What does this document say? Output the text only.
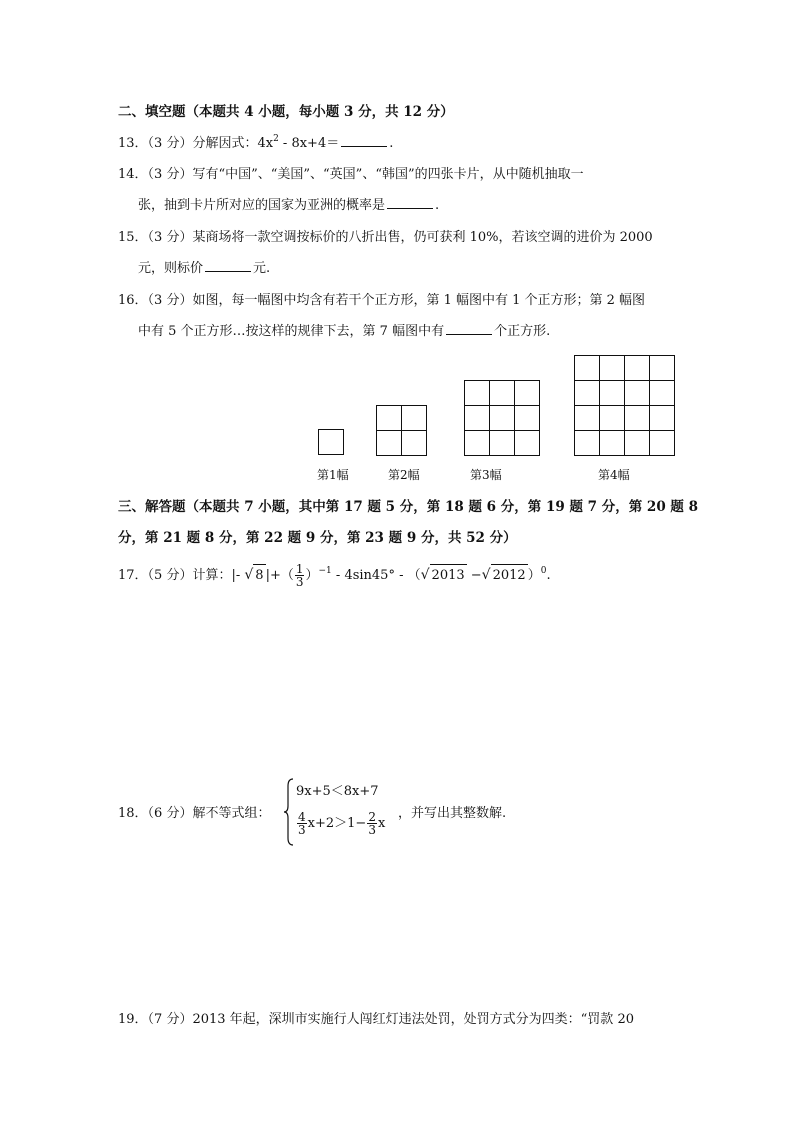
二、填空题（本题共 4 小题，每小题 3 分，共 12 分）
13．（3 分）分解因式：$4x^2 - 8x+4=$	.
14．（3 分）写有“中国”、“美国”、“英国”、“韩国”的四张卡片，从中随机抽取一
张，抽到卡片所对应的国家为亚洲的概率是	.
15．（3 分）某商场将一款空调按标价的八折出售，仍可获利 10%，若该空调的进价为 2000
元，则标价	元.
16．（3 分）如图，每一幅图中均含有若干个正方形，第 1 幅图中有 1 个正方形；第 2 幅图
中有 5 个正方形…按这样的规律下去，第 7 幅图中有	个正方形.
第1幅	第2幅	第3幅	第4幅
三、解答题（本题共 7 小题，其中第 17 题 5 分，第 18 题 6 分，第 19 题 7 分，第 20 题 8
分，第 21 题 8 分，第 22 题 9 分，第 23 题 9 分，共 52 分）
17．（5 分）计算：|- √ 8 |+（ $\frac{1}{3} )^{-1} - 4\sin 45^\circ$ - （√ 2013 −√ 2012 ）$^0$.
18．（6 分）解不等式组：
9x+5＜8x+7
$\frac{4}{3} x+2>1- \frac{2}{3}$ x
，并写出其整数解.
19．（7 分）2013 年起，深圳市实施行人闯红灯违法处罚，处罚方式分为四类：“罚款 20
